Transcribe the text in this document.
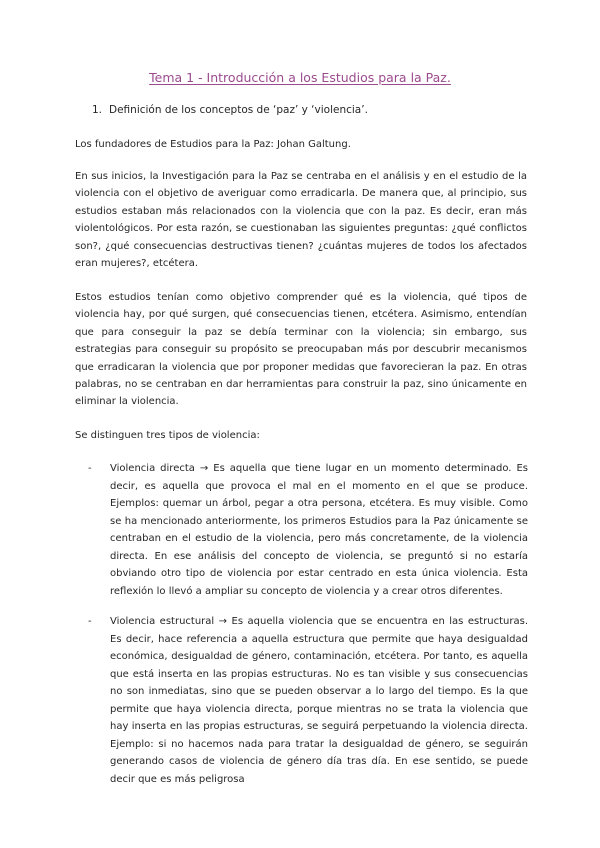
Tema 1 - Introducción a los Estudios para la Paz.
1. Definición de los conceptos de ‘paz’ y ‘violencia’.
Los fundadores de Estudios para la Paz: Johan Galtung.

En sus inicios, la Investigación para la Paz se centraba en el análisis y en el estudio de la violencia con el objetivo de averiguar como erradicarla. De manera que, al principio, sus estudios estaban más relacionados con la violencia que con la paz. Es decir, eran más violentológicos. Por esta razón, se cuestionaban las siguientes preguntas: ¿qué conflictos son?, ¿qué consecuencias destructivas tienen? ¿cuántas mujeres de todos los afectados eran mujeres?, etcétera.

Estos estudios tenían como objetivo comprender qué es la violencia, qué tipos de violencia hay, por qué surgen, qué consecuencias tienen, etcétera. Asimismo, entendían que para conseguir la paz se debía terminar con la violencia; sin embargo, sus estrategias para conseguir su propósito se preocupaban más por descubrir mecanismos que erradicaran la violencia que por proponer medidas que favorecieran la paz. En otras palabras, no se centraban en dar herramientas para construir la paz, sino únicamente en eliminar la violencia.

Se distinguen tres tipos de violencia:
- Violencia directa → Es aquella que tiene lugar en un momento determinado. Es decir, es aquella que provoca el mal en el momento en el que se produce. Ejemplos: quemar un árbol, pegar a otra persona, etcétera. Es muy visible. Como se ha mencionado anteriormente, los primeros Estudios para la Paz únicamente se centraban en el estudio de la violencia, pero más concretamente, de la violencia directa. En ese análisis del concepto de violencia, se preguntó si no estaría obviando otro tipo de violencia por estar centrado en esta única violencia. Esta reflexión lo llevó a ampliar su concepto de violencia y a crear otros diferentes.

- Violencia estructural → Es aquella violencia que se encuentra en las estructuras. Es decir, hace referencia a aquella estructura que permite que haya desigualdad económica, desigualdad de género, contaminación, etcétera. Por tanto, es aquella que está inserta en las propias estructuras. No es tan visible y sus consecuencias no son inmediatas, sino que se pueden observar a lo largo del tiempo. Es la que permite que haya violencia directa, porque mientras no se trata la violencia que hay inserta en las propias estructuras, se seguirá perpetuando la violencia directa. Ejemplo: si no hacemos nada para tratar la desigualdad de género, se seguirán generando casos de violencia de género día tras día. En ese sentido, se puede decir que es más peligrosa
